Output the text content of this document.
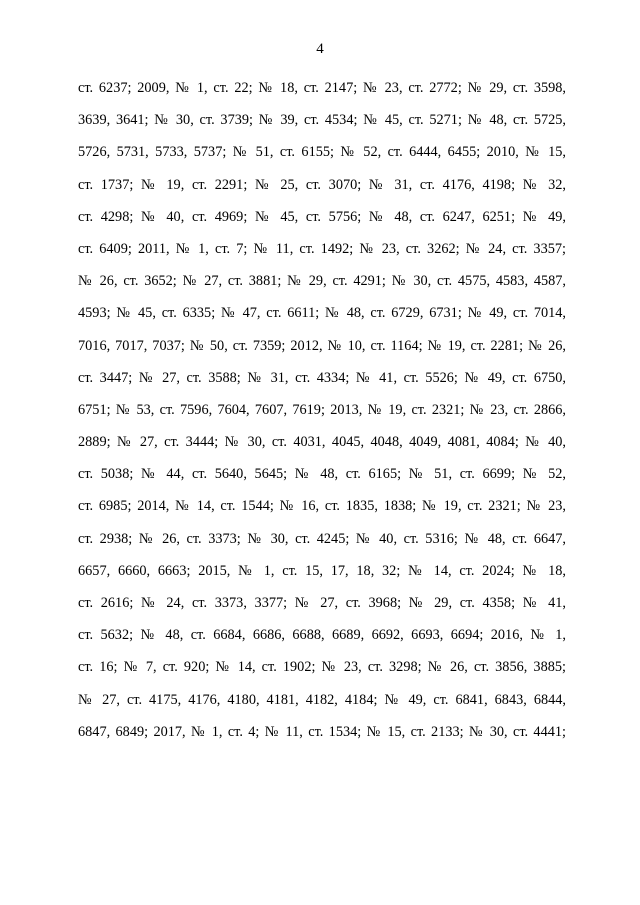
4
ст. 6237; 2009, № 1, ст. 22; № 18, ст. 2147; № 23, ст. 2772; № 29, ст. 3598,
3639, 3641; № 30, ст. 3739; № 39, ст. 4534; № 45, ст. 5271; № 48, ст. 5725,
5726, 5731, 5733, 5737; № 51, ст. 6155; № 52, ст. 6444, 6455; 2010, № 15,
ст. 1737; № 19, ст. 2291; № 25, ст. 3070; № 31, ст. 4176, 4198; № 32,
ст. 4298; № 40, ст. 4969; № 45, ст. 5756; № 48, ст. 6247, 6251; № 49,
ст. 6409; 2011, № 1, ст. 7; № 11, ст. 1492; № 23, ст. 3262; № 24, ст. 3357;
№ 26, ст. 3652; № 27, ст. 3881; № 29, ст. 4291; № 30, ст. 4575, 4583, 4587,
4593; № 45, ст. 6335; № 47, ст. 6611; № 48, ст. 6729, 6731; № 49, ст. 7014,
7016, 7017, 7037; № 50, ст. 7359; 2012, № 10, ст. 1164; № 19, ст. 2281; № 26,
ст. 3447; № 27, ст. 3588; № 31, ст. 4334; № 41, ст. 5526; № 49, ст. 6750,
6751; № 53, ст. 7596, 7604, 7607, 7619; 2013, № 19, ст. 2321; № 23, ст. 2866,
2889; № 27, ст. 3444; № 30, ст. 4031, 4045, 4048, 4049, 4081, 4084; № 40,
ст. 5038; № 44, ст. 5640, 5645; № 48, ст. 6165; № 51, ст. 6699; № 52,
ст. 6985; 2014, № 14, ст. 1544; № 16, ст. 1835, 1838; № 19, ст. 2321; № 23,
ст. 2938; № 26, ст. 3373; № 30, ст. 4245; № 40, ст. 5316; № 48, ст. 6647,
6657, 6660, 6663; 2015, № 1, ст. 15, 17, 18, 32; № 14, ст. 2024; № 18,
ст. 2616; № 24, ст. 3373, 3377; № 27, ст. 3968; № 29, ст. 4358; № 41,
ст. 5632; № 48, ст. 6684, 6686, 6688, 6689, 6692, 6693, 6694; 2016, № 1,
ст. 16; № 7, ст. 920; № 14, ст. 1902; № 23, ст. 3298; № 26, ст. 3856, 3885;
№ 27, ст. 4175, 4176, 4180, 4181, 4182, 4184; № 49, ст. 6841, 6843, 6844,
6847, 6849; 2017, № 1, ст. 4; № 11, ст. 1534; № 15, ст. 2133; № 30, ст. 4441;
